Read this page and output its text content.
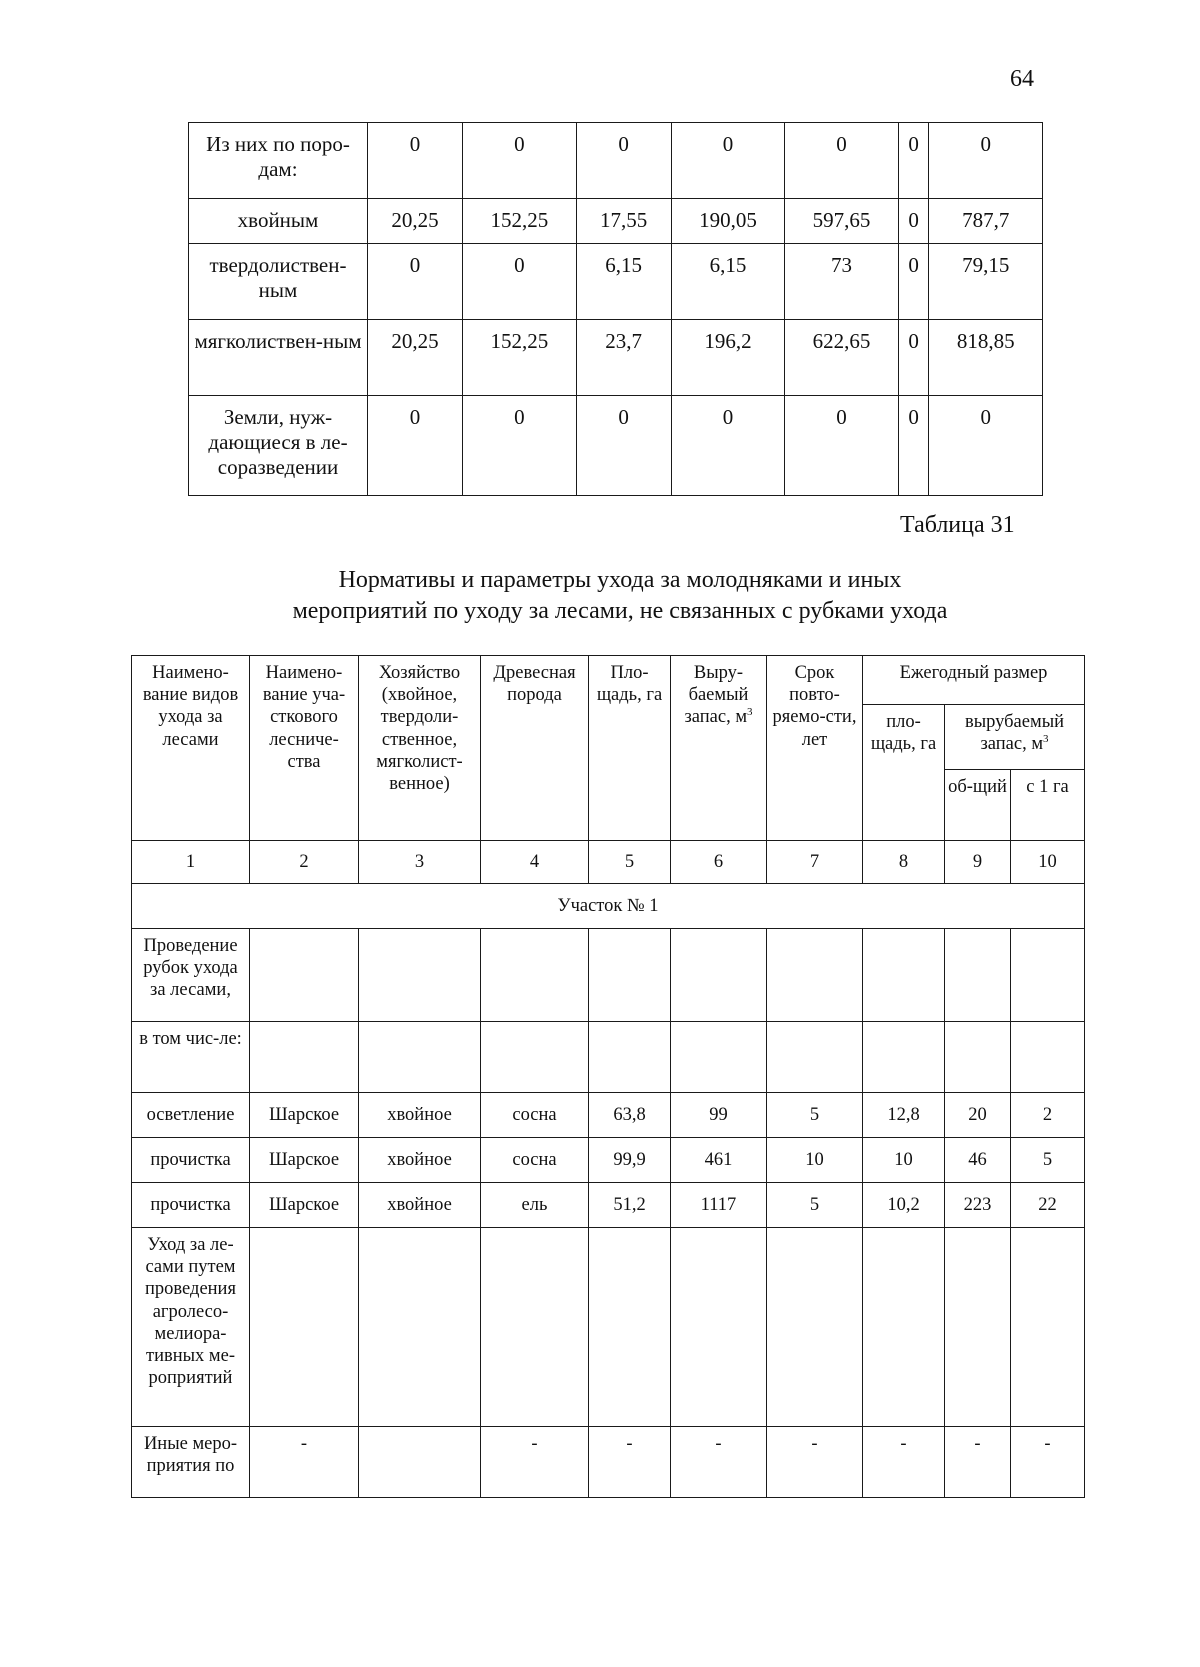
64
Из них по поро-дам:	0	0	0	0	0	0	0
хвойным	20,25	152,25	17,55	190,05	597,65	0	787,7
твердолиствен-ным	0	0	6,15	6,15	73	0	79,15
мягколиствен-ным	20,25	152,25	23,7	196,2	622,65	0	818,85
Земли, нуж-дающиеся в ле-соразведении	0	0	0	0	0	0	0
Таблица 31
Нормативы и параметры ухода за молодняками и иных
мероприятий по уходу за лесами, не связанных с рубками ухода
Наимено-вание видов ухода за лесами	Наимено-вание уча-сткового лесниче-ства	Хозяйство (хвойное, твердоли-ственное, мягколист-венное)	Древесная порода	Пло-щадь, га	Выру-баемый запас, $м^3$	Срок повто-ряемо-сти, лет	Ежегодный размер		
							пло-щадь, га	вырубаемый запас, $м^3$
								об-щий	с 1 га
1	2	3	4	5	6	7	8	9	10
Участок № 1									
Проведение рубок ухода за лесами,									
в том чис-ле:									
осветление	Шарское	хвойное	сосна	63,8	99	5	12,8	20	2
прочистка	Шарское	хвойное	сосна	99,9	461	10	10	46	5
прочистка	Шарское	хвойное	ель	51,2	1117	5	10,2	223	22
Уход за ле-сами путем проведения агролесо-мелиора-тивных ме-роприятий									
Иные меро-приятия по	-		-	-	-	-	-	-	-
